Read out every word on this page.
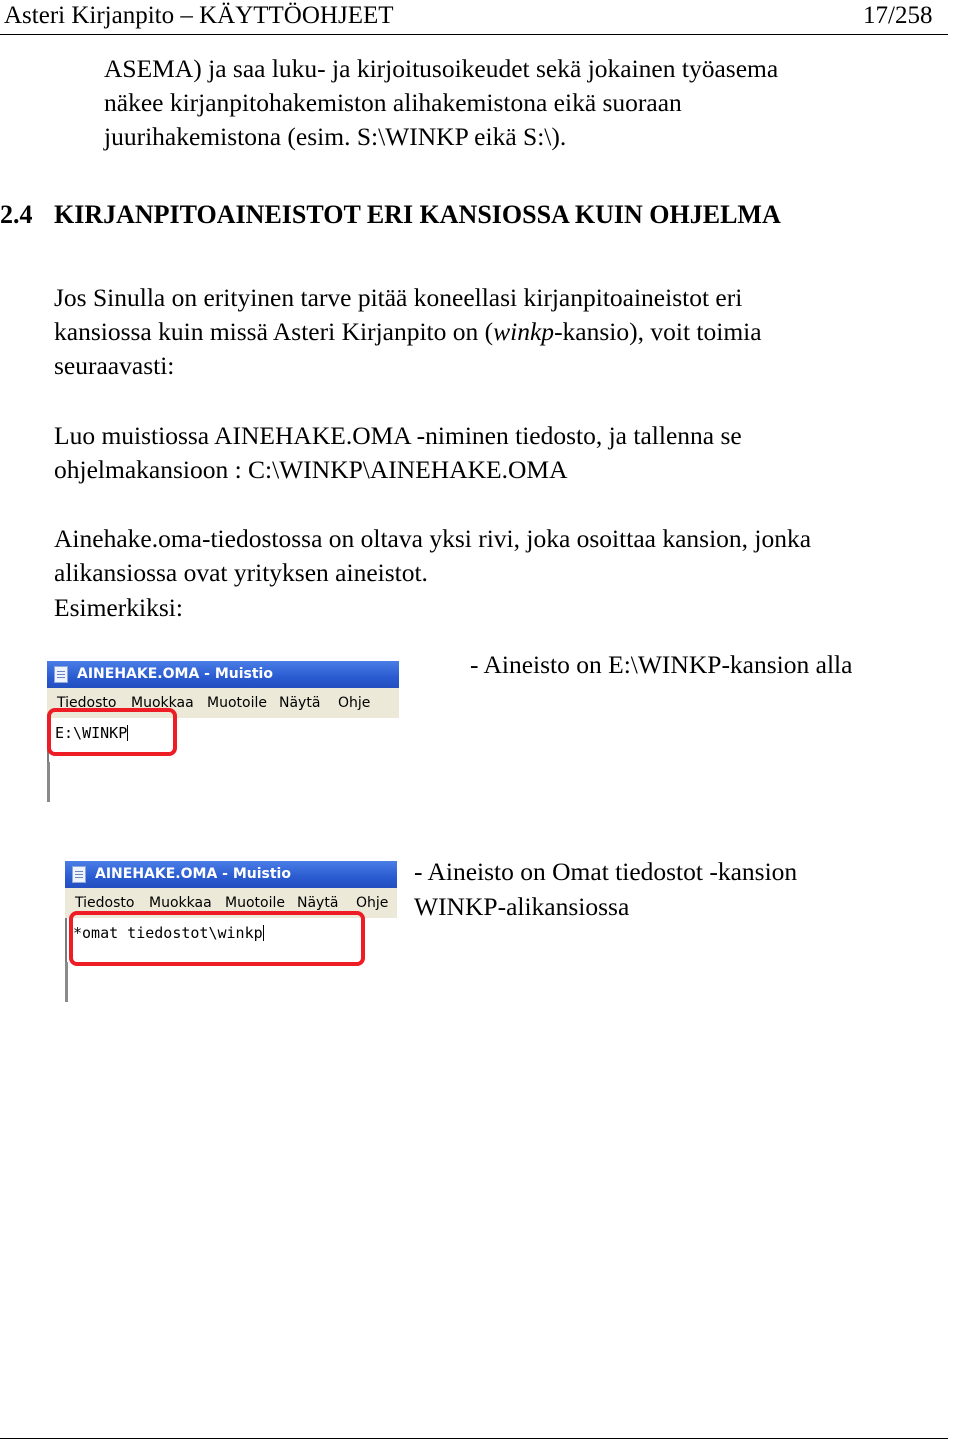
Asteri Kirjanpito – KÄYTTÖOHJEET	17/258
ASEMA) ja saa luku- ja kirjoitusoikeudet sekä jokainen työasema
näkee kirjanpitohakemiston alihakemistona eikä suoraan
juurihakemistona (esim. S:\WINKP eikä S:\).
2.4 KIRJANPITOAINEISTOT ERI KANSIOSSA KUIN OHJELMA
Jos Sinulla on erityinen tarve pitää koneellasi kirjanpitoaineistot eri
kansiossa kuin missä Asteri Kirjanpito on (winkp-kansio), voit toimia
seuraavasti:
Luo muistiossa AINEHAKE.OMA -niminen tiedosto, ja tallenna se
ohjelmakansioon : C:\WINKP\AINEHAKE.OMA
Ainehake.oma-tiedostossa on oltava yksi rivi, joka osoittaa kansion, jonka
alikansiossa ovat yrityksen aineistot.
Esimerkiksi:
AINEHAKE.OMA - Muistio
Tiedosto Muokkaa Muotoile Näytä Ohje
E:\WINKP
- Aineisto on E:\WINKP-kansion alla
AINEHAKE.OMA - Muistio
Tiedosto Muokkaa Muotoile Näytä Ohje
*omat tiedostot\winkp
- Aineisto on Omat tiedostot -kansion
WINKP-alikansiossa
